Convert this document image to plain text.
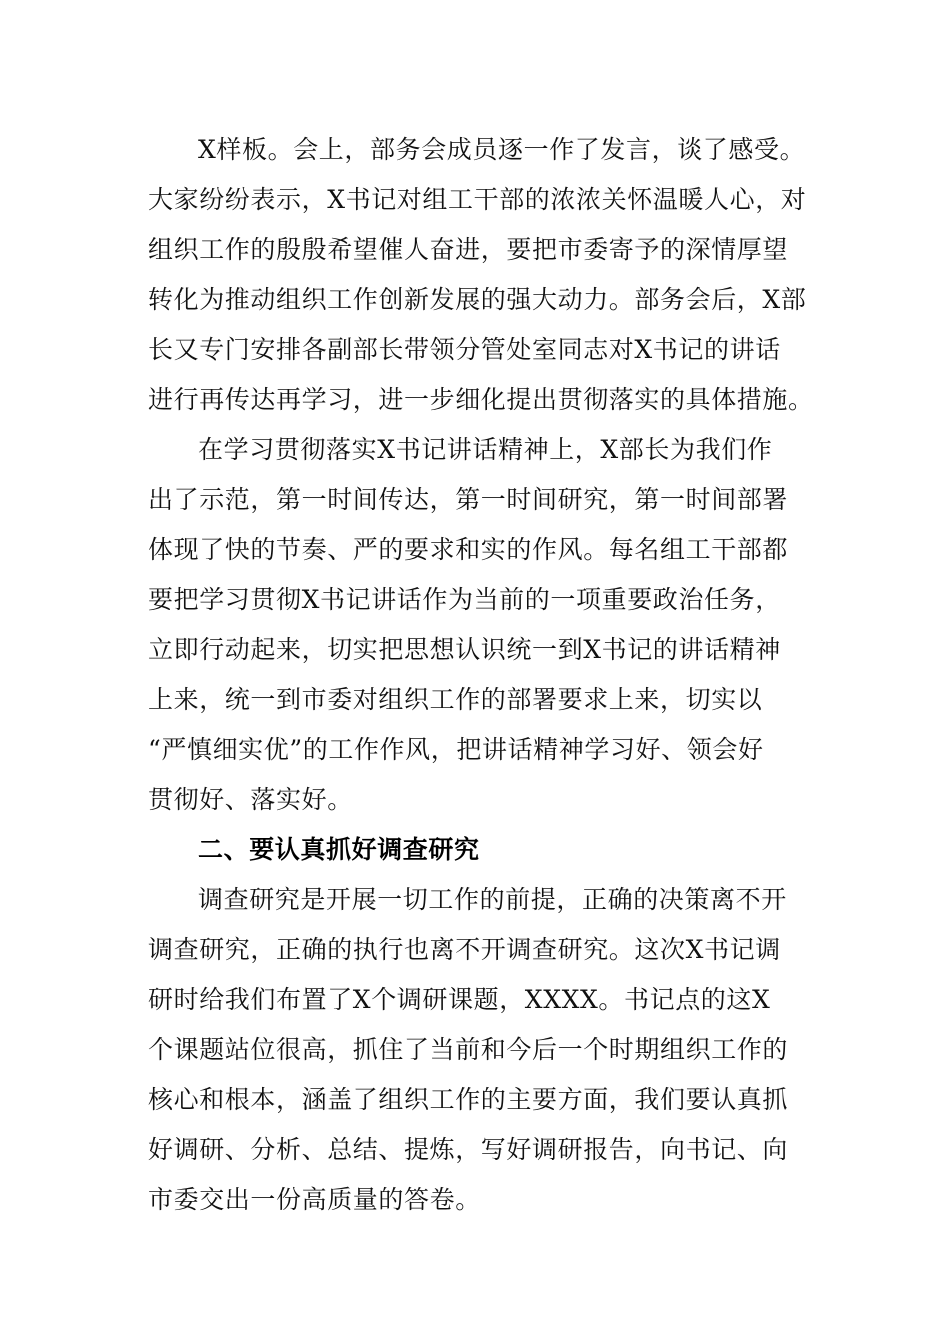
X样板。会上，部务会成员逐一作了发言，谈了感受。
大家纷纷表示，X书记对组工干部的浓浓关怀温暖人心，对
组织工作的殷殷希望催人奋进，要把市委寄予的深情厚望
转化为推动组织工作创新发展的强大动力。部务会后，X部
长又专门安排各副部长带领分管处室同志对X书记的讲话
进行再传达再学习，进一步细化提出贯彻落实的具体措施。
在学习贯彻落实X书记讲话精神上，X部长为我们作
出了示范，第一时间传达，第一时间研究，第一时间部署
体现了快的节奏、严的要求和实的作风。每名组工干部都
要把学习贯彻X书记讲话作为当前的一项重要政治任务，
立即行动起来，切实把思想认识统一到X书记的讲话精神
上来，统一到市委对组织工作的部署要求上来，切实以
“严慎细实优”的工作作风，把讲话精神学习好、领会好
贯彻好、落实好。
二、要认真抓好调查研究
调查研究是开展一切工作的前提，正确的决策离不开
调查研究，正确的执行也离不开调查研究。这次X书记调
研时给我们布置了X个调研课题，XXXX。书记点的这X
个课题站位很高，抓住了当前和今后一个时期组织工作的
核心和根本，涵盖了组织工作的主要方面，我们要认真抓
好调研、分析、总结、提炼，写好调研报告，向书记、向
市委交出一份高质量的答卷。
